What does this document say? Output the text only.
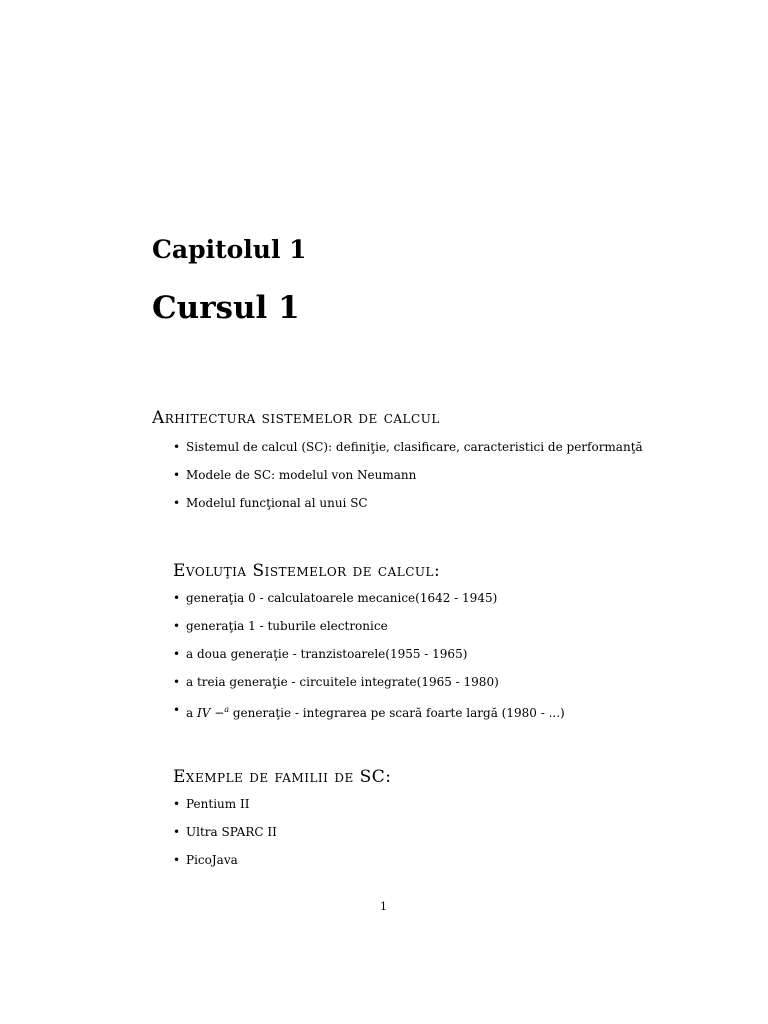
Capitolul 1
Cursul 1
Arhitectura sistemelor de calcul
• Sistemul de calcul (SC): definiţie, clasificare, caracteristici de performanţă
• Modele de SC: modelul von Neumann
• Modelul funcţional al unui SC
Evoluţia Sistemelor de calcul:
• generaţia 0 - calculatoarele mecanice(1642 - 1945)
• generaţia 1 - tuburile electronice
• a doua generaţie - tranzistoarele(1955 - 1965)
• a treia generaţie - circuitele integrate(1965 - 1980)
• a IV −$^a$ generaţie - integrarea pe scară foarte largă (1980 - ...)
Exemple de familii de SC:
• Pentium II
• Ultra SPARC II
• PicoJava
1
